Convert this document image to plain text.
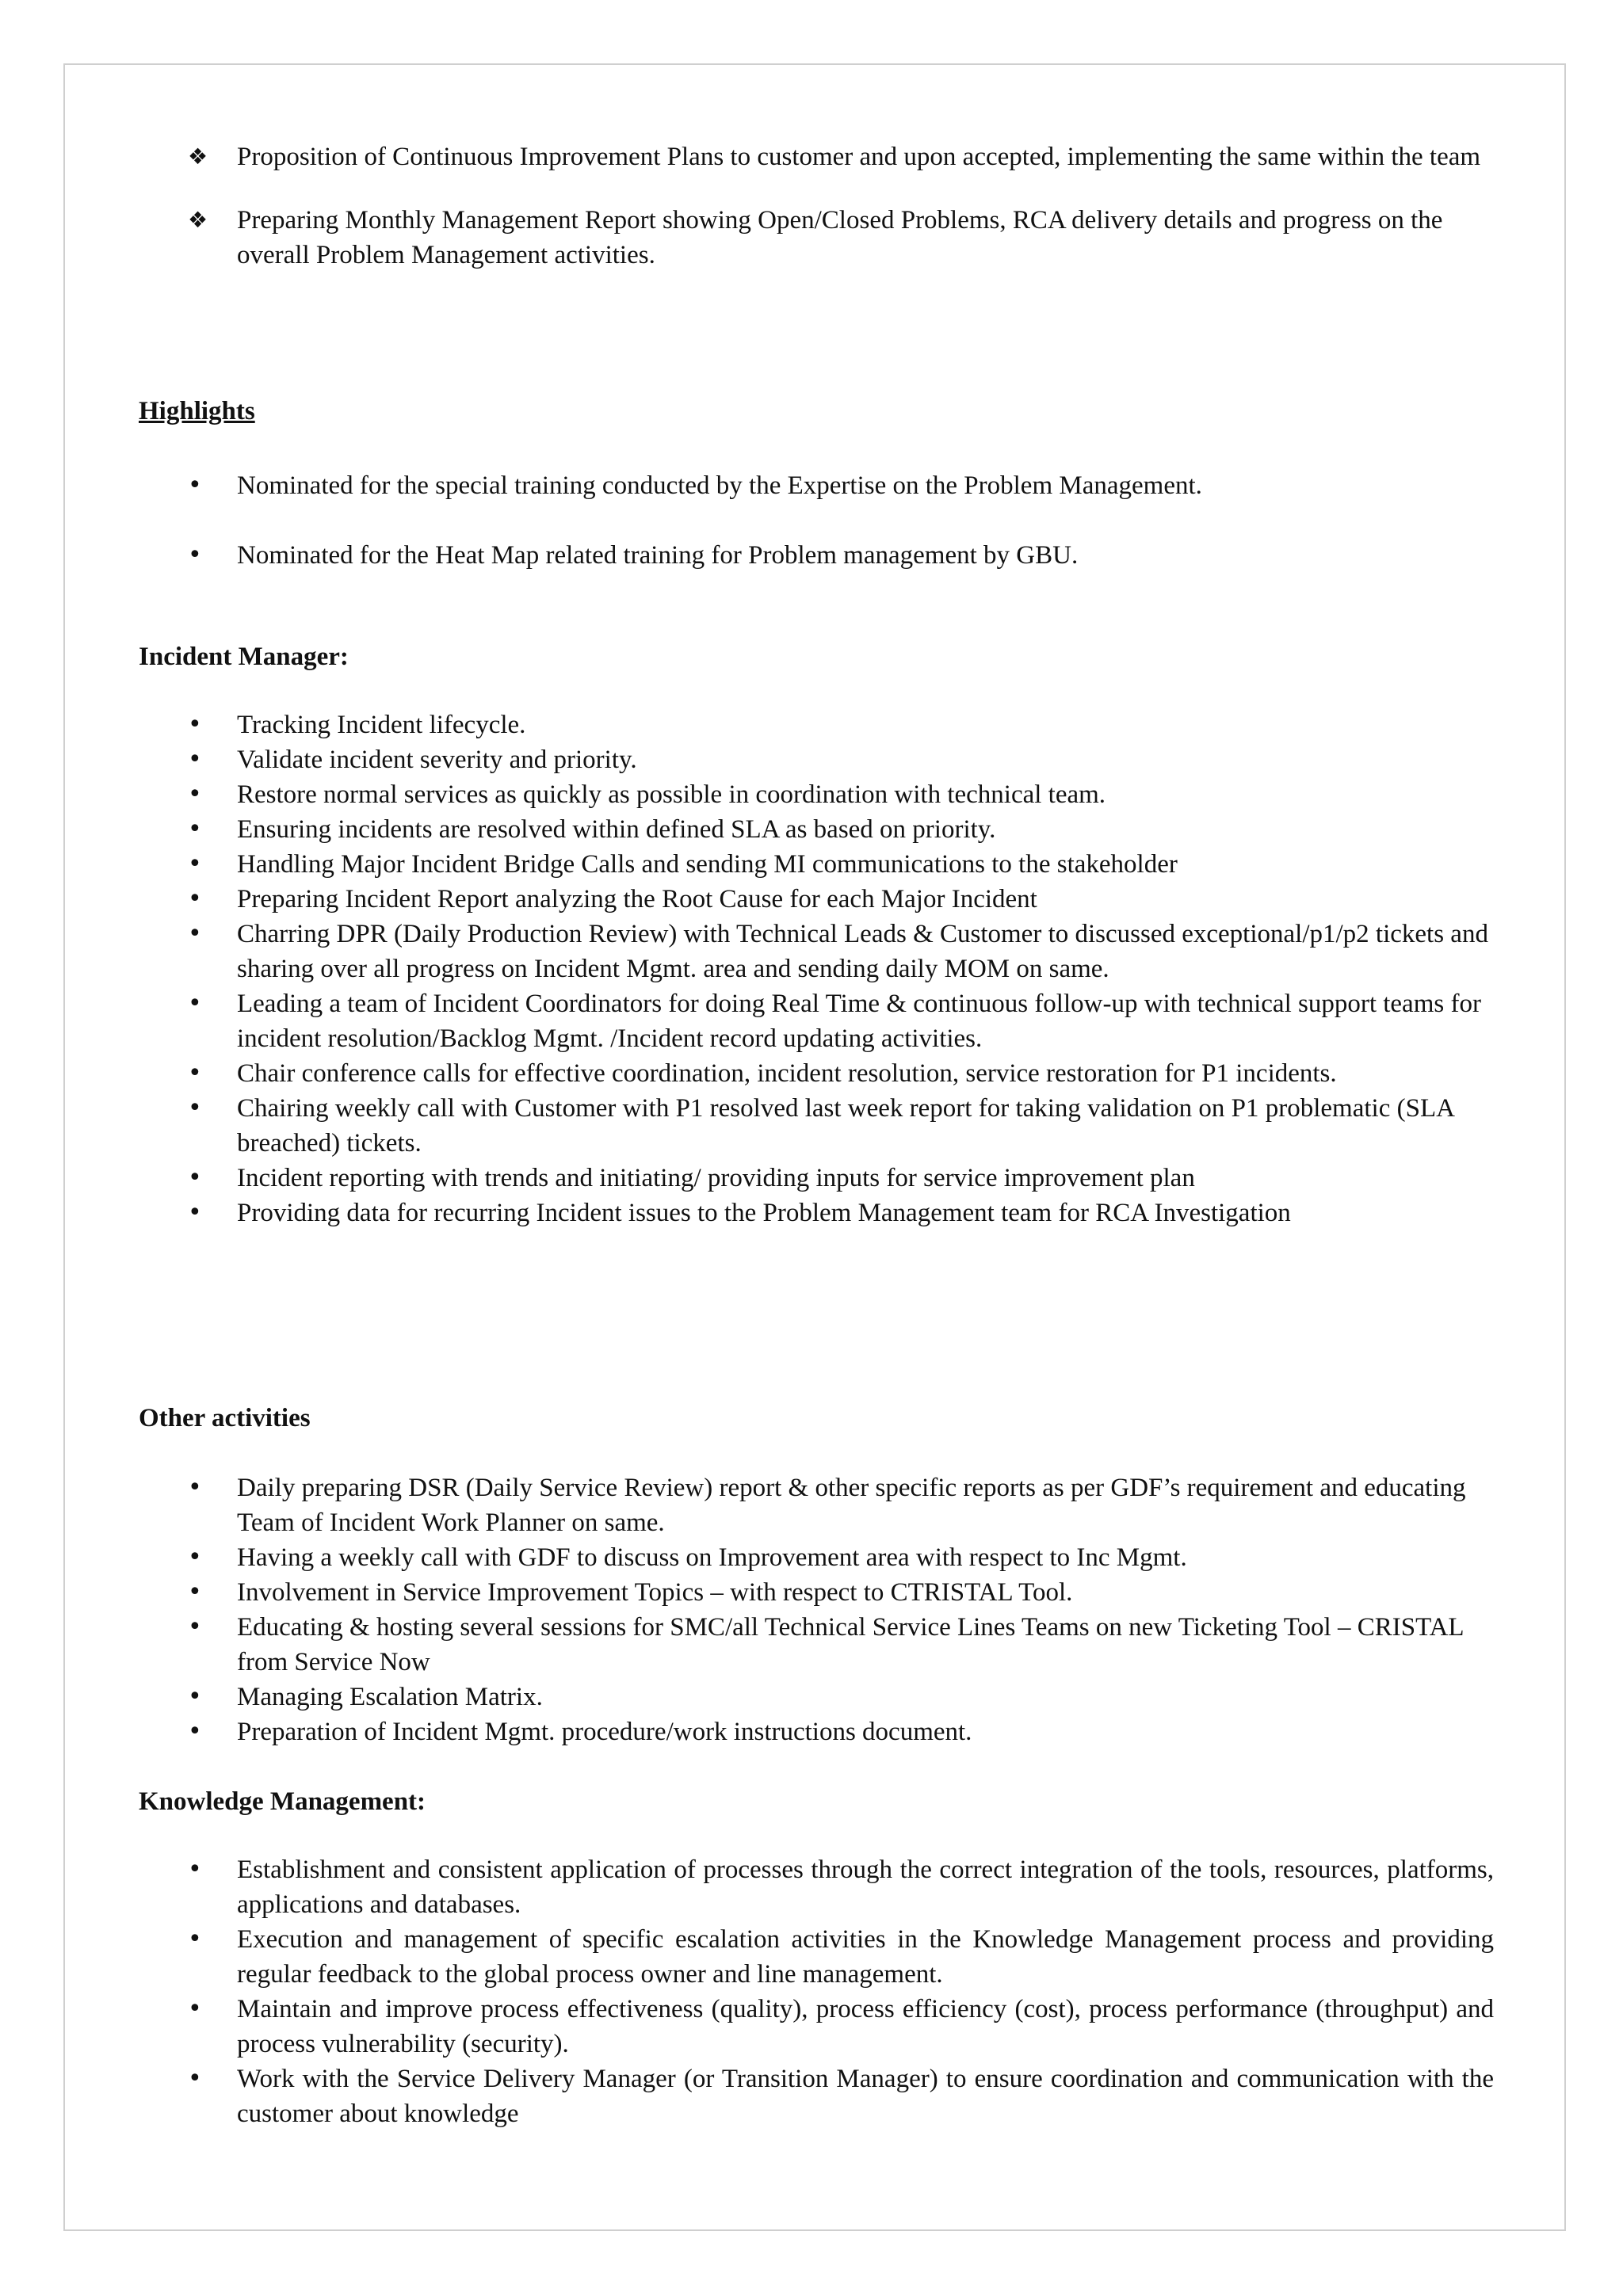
❖ Proposition of Continuous Improvement Plans to customer and upon accepted, implementing the same within the team
❖ Preparing Monthly Management Report showing Open/Closed Problems, RCA delivery details and progress on the overall Problem Management activities.
Highlights
• Nominated for the special training conducted by the Expertise on the Problem Management.
• Nominated for the Heat Map related training for Problem management by GBU.
Incident Manager:
• Tracking Incident lifecycle.
• Validate incident severity and priority.
• Restore normal services as quickly as possible in coordination with technical team.
• Ensuring incidents are resolved within defined SLA as based on priority.
• Handling Major Incident Bridge Calls and sending MI communications to the stakeholder
• Preparing Incident Report analyzing the Root Cause for each Major Incident
• Charring DPR (Daily Production Review) with Technical Leads & Customer to discussed exceptional/p1/p2 tickets and sharing over all progress on Incident Mgmt. area and sending daily MOM on same.
• Leading a team of Incident Coordinators for doing Real Time & continuous follow-up with technical support teams for incident resolution/Backlog Mgmt. /Incident record updating activities.
• Chair conference calls for effective coordination, incident resolution, service restoration for P1 incidents.
• Chairing weekly call with Customer with P1 resolved last week report for taking validation on P1 problematic (SLA breached) tickets.
• Incident reporting with trends and initiating/ providing inputs for service improvement plan
• Providing data for recurring Incident issues to the Problem Management team for RCA Investigation
Other activities
• Daily preparing DSR (Daily Service Review) report & other specific reports as per GDF’s requirement and educating Team of Incident Work Planner on same.
• Having a weekly call with GDF to discuss on Improvement area with respect to Inc Mgmt.
• Involvement in Service Improvement Topics – with respect to CTRISTAL Tool.
• Educating & hosting several sessions for SMC/all Technical Service Lines Teams on new Ticketing Tool – CRISTAL from Service Now
• Managing Escalation Matrix.
• Preparation of Incident Mgmt. procedure/work instructions document.
Knowledge Management:
• Establishment and consistent application of processes through the correct integration of the tools, resources, platforms, applications and databases.
• Execution and management of specific escalation activities in the Knowledge Management process and providing regular feedback to the global process owner and line management.
• Maintain and improve process effectiveness (quality), process efficiency (cost), process performance (throughput) and process vulnerability (security).
• Work with the Service Delivery Manager (or Transition Manager) to ensure coordination and communication with the customer about knowledge
